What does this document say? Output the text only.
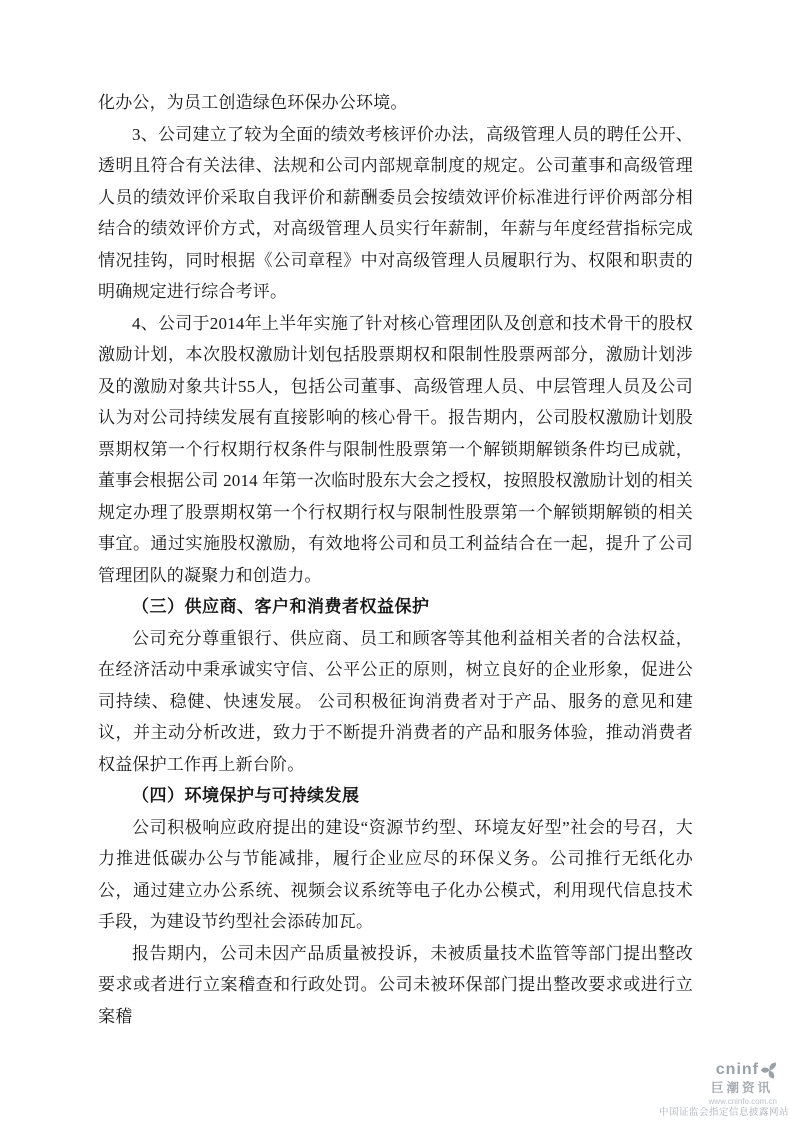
化办公，为员工创造绿色环保办公环境。

3、公司建立了较为全面的绩效考核评价办法，高级管理人员的聘任公开、透明且符合有关法律、法规和公司内部规章制度的规定。公司董事和高级管理人员的绩效评价采取自我评价和薪酬委员会按绩效评价标准进行评价两部分相结合的绩效评价方式，对高级管理人员实行年薪制，年薪与年度经营指标完成情况挂钩，同时根据《公司章程》中对高级管理人员履职行为、权限和职责的明确规定进行综合考评。

4、公司于2014年上半年实施了针对核心管理团队及创意和技术骨干的股权激励计划，本次股权激励计划包括股票期权和限制性股票两部分，激励计划涉及的激励对象共计55人，包括公司董事、高级管理人员、中层管理人员及公司认为对公司持续发展有直接影响的核心骨干。报告期内，公司股权激励计划股票期权第一个行权期行权条件与限制性股票第一个解锁期解锁条件均已成就，董事会根据公司 2014 年第一次临时股东大会之授权，按照股权激励计划的相关规定办理了股票期权第一个行权期行权与限制性股票第一个解锁期解锁的相关事宜。通过实施股权激励，有效地将公司和员工利益结合在一起，提升了公司管理团队的凝聚力和创造力。

（三）供应商、客户和消费者权益保护

公司充分尊重银行、供应商、员工和顾客等其他利益相关者的合法权益，在经济活动中秉承诚实守信、公平公正的原则，树立良好的企业形象，促进公司持续、稳健、快速发展。 公司积极征询消费者对于产品、服务的意见和建议，并主动分析改进，致力于不断提升消费者的产品和服务体验，推动消费者权益保护工作再上新台阶。

（四）环境保护与可持续发展

公司积极响应政府提出的建设“资源节约型、环境友好型”社会的号召，大力推进低碳办公与节能减排，履行企业应尽的环保义务。公司推行无纸化办公，通过建立办公系统、视频会议系统等电子化办公模式，利用现代信息技术手段，为建设节约型社会添砖加瓦。

报告期内，公司未因产品质量被投诉，未被质量技术监管等部门提出整改要求或者进行立案稽查和行政处罚。公司未被环保部门提出整改要求或进行立案稽

cninf
巨潮资讯
www.cninfo.com.cn
中国证监会指定信息披露网站
